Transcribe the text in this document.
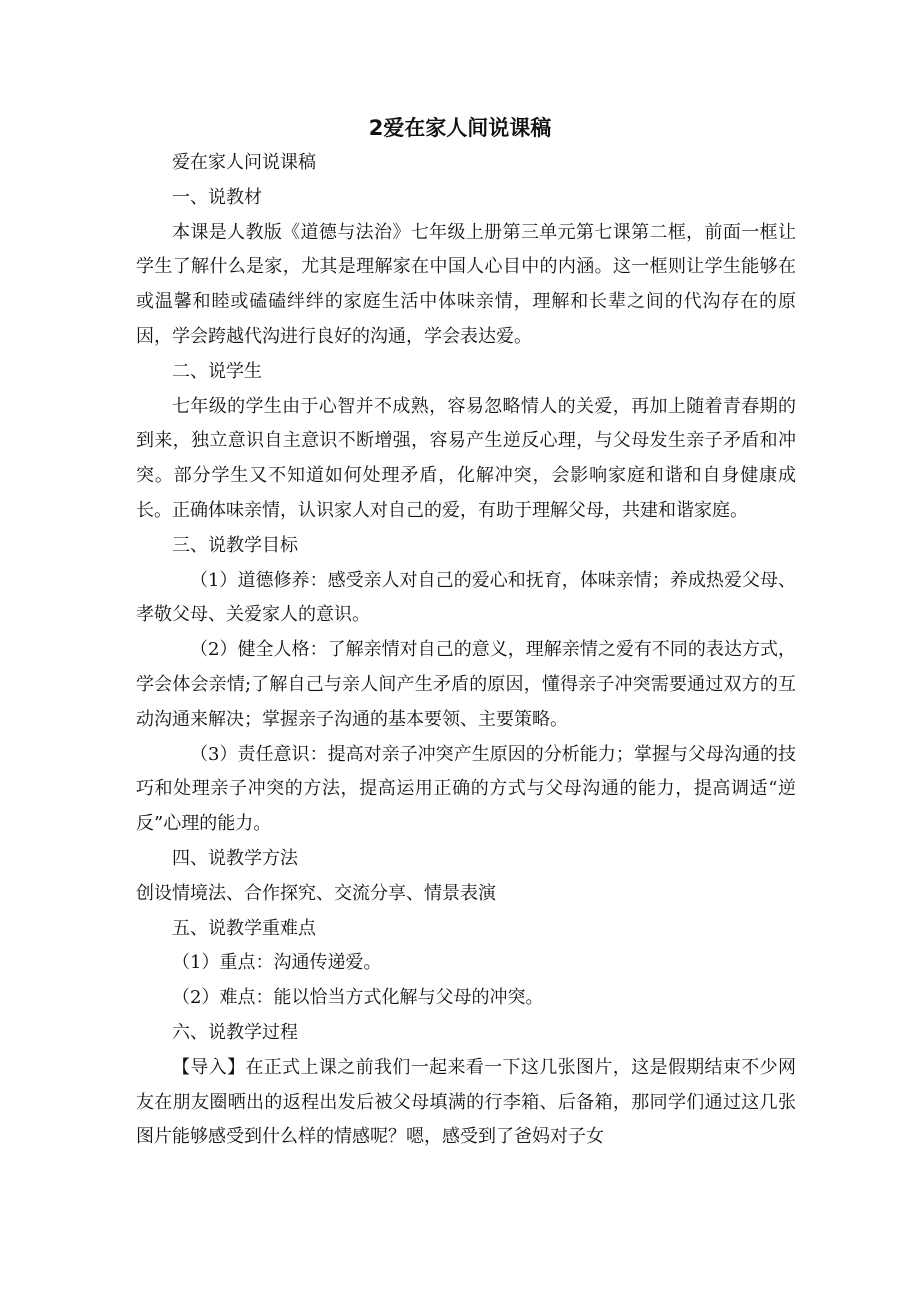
2爱在家人间说课稿

爱在家人问说课稿

一、说教材

本课是人教版《道德与法治》七年级上册第三单元第七课第二框，前面一框让学生了解什么是家，尤其是理解家在中国人心目中的内涵。这一框则让学生能够在或温馨和睦或磕磕绊绊的家庭生活中体味亲情，理解和长辈之间的代沟存在的原因，学会跨越代沟进行良好的沟通，学会表达爱。

二、说学生

七年级的学生由于心智并不成熟，容易忽略情人的关爱，再加上随着青春期的到来，独立意识自主意识不断增强，容易产生逆反心理，与父母发生亲子矛盾和冲突。部分学生又不知道如何处理矛盾，化解冲突，会影响家庭和谐和自身健康成长。正确体味亲情，认识家人对自己的爱，有助于理解父母，共建和谐家庭。

三、说教学目标

（1）道德修养：感受亲人对自己的爱心和抚育，体味亲情；养成热爱父母、孝敬父母、关爱家人的意识。

（2）健全人格：了解亲情对自己的意义，理解亲情之爱有不同的表达方式，学会体会亲情;了解自己与亲人间产生矛盾的原因，懂得亲子冲突需要通过双方的互动沟通来解决；掌握亲子沟通的基本要领、主要策略。

（3）责任意识：提高对亲子冲突产生原因的分析能力；掌握与父母沟通的技巧和处理亲子冲突的方法，提高运用正确的方式与父母沟通的能力，提高调适“逆反”心理的能力。

四、说教学方法

创设情境法、合作探究、交流分享、情景表演

五、说教学重难点

（1）重点：沟通传递爱。

（2）难点：能以恰当方式化解与父母的冲突。

六、说教学过程

【导入】在正式上课之前我们一起来看一下这几张图片，这是假期结束不少网友在朋友圈晒出的返程出发后被父母填满的行李箱、后备箱，那同学们通过这几张图片能够感受到什么样的情感呢？嗯，感受到了爸妈对子女
